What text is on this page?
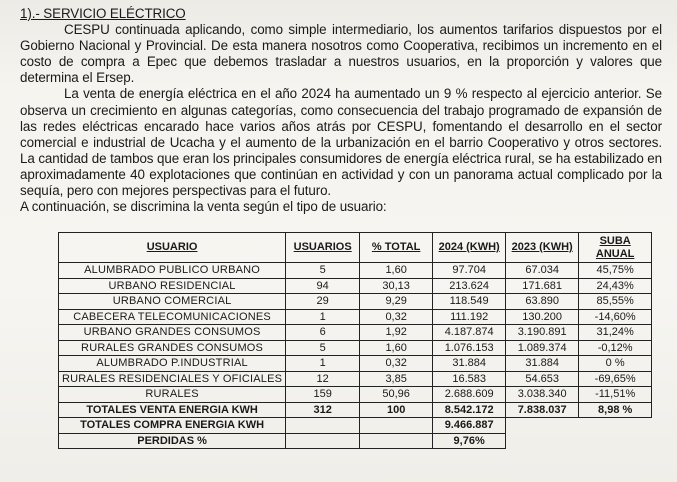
1).- SERVICIO ELÉCTRICO

CESPU continuada aplicando, como simple intermediario, los aumentos tarifarios dispuestos por el Gobierno Nacional y Provincial. De esta manera nosotros como Cooperativa, recibimos un incremento en el costo de compra a Epec que debemos trasladar a nuestros usuarios, en la proporción y valores que determina el Ersep.

La venta de energía eléctrica en el año 2024 ha aumentado un 9 % respecto al ejercicio anterior. Se observa un crecimiento en algunas categorías, como consecuencia del trabajo programado de expansión de las redes eléctricas encarado hace varios años atrás por CESPU, fomentando el desarrollo en el sector comercial e industrial de Ucacha y el aumento de la urbanización en el barrio Cooperativo y otros sectores. La cantidad de tambos que eran los principales consumidores de energía eléctrica rural, se ha estabilizado en aproximadamente 40 explotaciones que continúan en actividad y con un panorama actual complicado por la sequía, pero con mejores perspectivas para el futuro.

A continuación, se discrimina la venta según el tipo de usuario:

USUARIO	USUARIOS	% TOTAL	2024 (KWH)	2023 (KWH)	SUBA ANUAL
ALUMBRADO PUBLICO URBANO	5	1,60	97.704	67.034	45,75%
URBANO RESIDENCIAL	94	30,13	213.624	171.681	24,43%
URBANO COMERCIAL	29	9,29	118.549	63.890	85,55%
CABECERA TELECOMUNICACIONES	1	0,32	111.192	130.200	-14,60%
URBANO GRANDES CONSUMOS	6	1,92	4.187.874	3.190.891	31,24%
RURALES GRANDES CONSUMOS	5	1,60	1.076.153	1.089.374	-0,12%
ALUMBRADO P.INDUSTRIAL	1	0,32	31.884	31.884	0 %
RURALES RESIDENCIALES Y OFICIALES	12	3,85	16.583	54.653	-69,65%
RURALES	159	50,96	2.688.609	3.038.340	-11,51%
TOTALES VENTA ENERGIA KWH	312	100	8.542.172	7.838.037	8,98 %
TOTALES COMPRA ENERGIA KWH			9.466.887		
PERDIDAS %			9,76%		
